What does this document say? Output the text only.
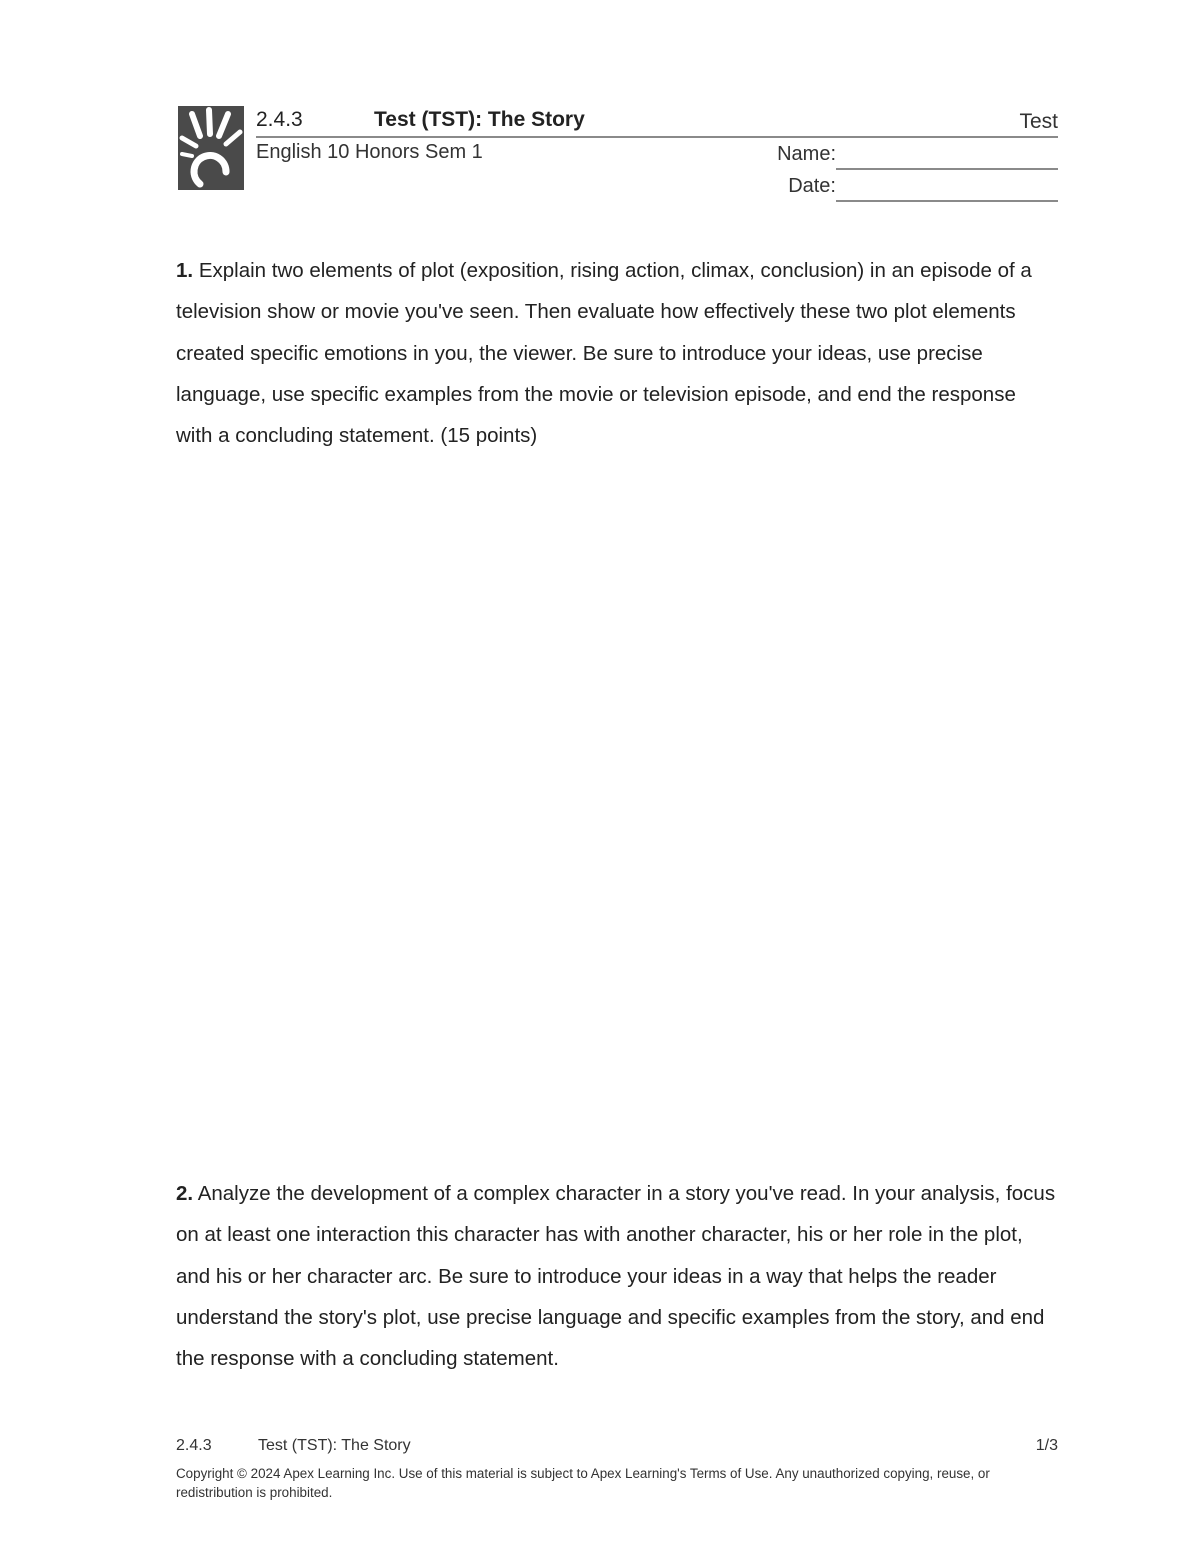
2.4.3	Test (TST): The Story	Test
English 10 Honors Sem 1	Name:
Date:
1. Explain two elements of plot (exposition, rising action, climax, conclusion) in an episode of a television show or movie you've seen. Then evaluate how effectively these two plot elements created specific emotions in you, the viewer. Be sure to introduce your ideas, use precise language, use specific examples from the movie or television episode, and end the response with a concluding statement. (15 points)
2. Analyze the development of a complex character in a story you've read. In your analysis, focus on at least one interaction this character has with another character, his or her role in the plot, and his or her character arc. Be sure to introduce your ideas in a way that helps the reader understand the story's plot, use precise language and specific examples from the story, and end the response with a concluding statement.
2.4.3	Test (TST): The Story	1/3
Copyright © 2024 Apex Learning Inc. Use of this material is subject to Apex Learning's Terms of Use. Any unauthorized copying, reuse, or redistribution is prohibited.
